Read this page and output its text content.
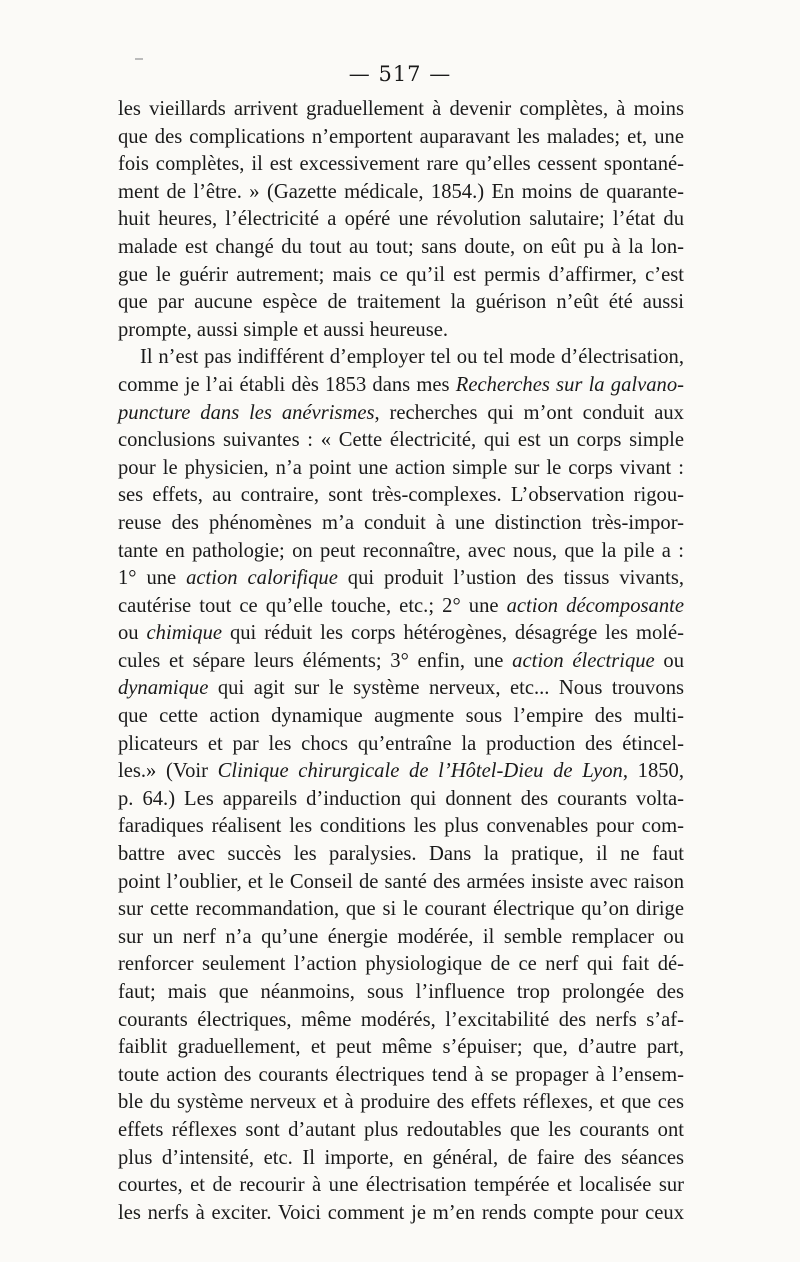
— 517 —
les vieillards arrivent graduellement à devenir complètes, à moins
que des complications n’emportent auparavant les malades; et, une
fois complètes, il est excessivement rare qu’elles cessent spontané-
ment de l’être. » (Gazette médicale, 1854.) En moins de quarante-
huit heures, l’électricité a opéré une révolution salutaire; l’état du
malade est changé du tout au tout; sans doute, on eût pu à la lon-
gue le guérir autrement; mais ce qu’il est permis d’affirmer, c’est
que par aucune espèce de traitement la guérison n’eût été aussi
prompte, aussi simple et aussi heureuse.
Il n’est pas indifférent d’employer tel ou tel mode d’électrisation,
comme je l’ai établi dès 1853 dans mes Recherches sur la galvano-
puncture dans les anévrismes, recherches qui m’ont conduit aux
conclusions suivantes : « Cette électricité, qui est un corps simple
pour le physicien, n’a point une action simple sur le corps vivant :
ses effets, au contraire, sont très-complexes. L’observation rigou-
reuse des phénomènes m’a conduit à une distinction très-impor-
tante en pathologie; on peut reconnaître, avec nous, que la pile a :
1° une action calorifique qui produit l’ustion des tissus vivants,
cautérise tout ce qu’elle touche, etc.; 2° une action décomposante
ou chimique qui réduit les corps hétérogènes, désagrége les molé-
cules et sépare leurs éléments; 3° enfin, une action électrique ou
dynamique qui agit sur le système nerveux, etc... Nous trouvons
que cette action dynamique augmente sous l’empire des multi-
plicateurs et par les chocs qu’entraîne la production des étincel-
les.» (Voir Clinique chirurgicale de l’Hôtel-Dieu de Lyon, 1850,
p. 64.) Les appareils d’induction qui donnent des courants volta-
faradiques réalisent les conditions les plus convenables pour com-
battre avec succès les paralysies. Dans la pratique, il ne faut
point l’oublier, et le Conseil de santé des armées insiste avec raison
sur cette recommandation, que si le courant électrique qu’on dirige
sur un nerf n’a qu’une énergie modérée, il semble remplacer ou
renforcer seulement l’action physiologique de ce nerf qui fait dé-
faut; mais que néanmoins, sous l’influence trop prolongée des
courants électriques, même modérés, l’excitabilité des nerfs s’af-
faiblit graduellement, et peut même s’épuiser; que, d’autre part,
toute action des courants électriques tend à se propager à l’ensem-
ble du système nerveux et à produire des effets réflexes, et que ces
effets réflexes sont d’autant plus redoutables que les courants ont
plus d’intensité, etc. Il importe, en général, de faire des séances
courtes, et de recourir à une électrisation tempérée et localisée sur
les nerfs à exciter. Voici comment je m’en rends compte pour ceux
